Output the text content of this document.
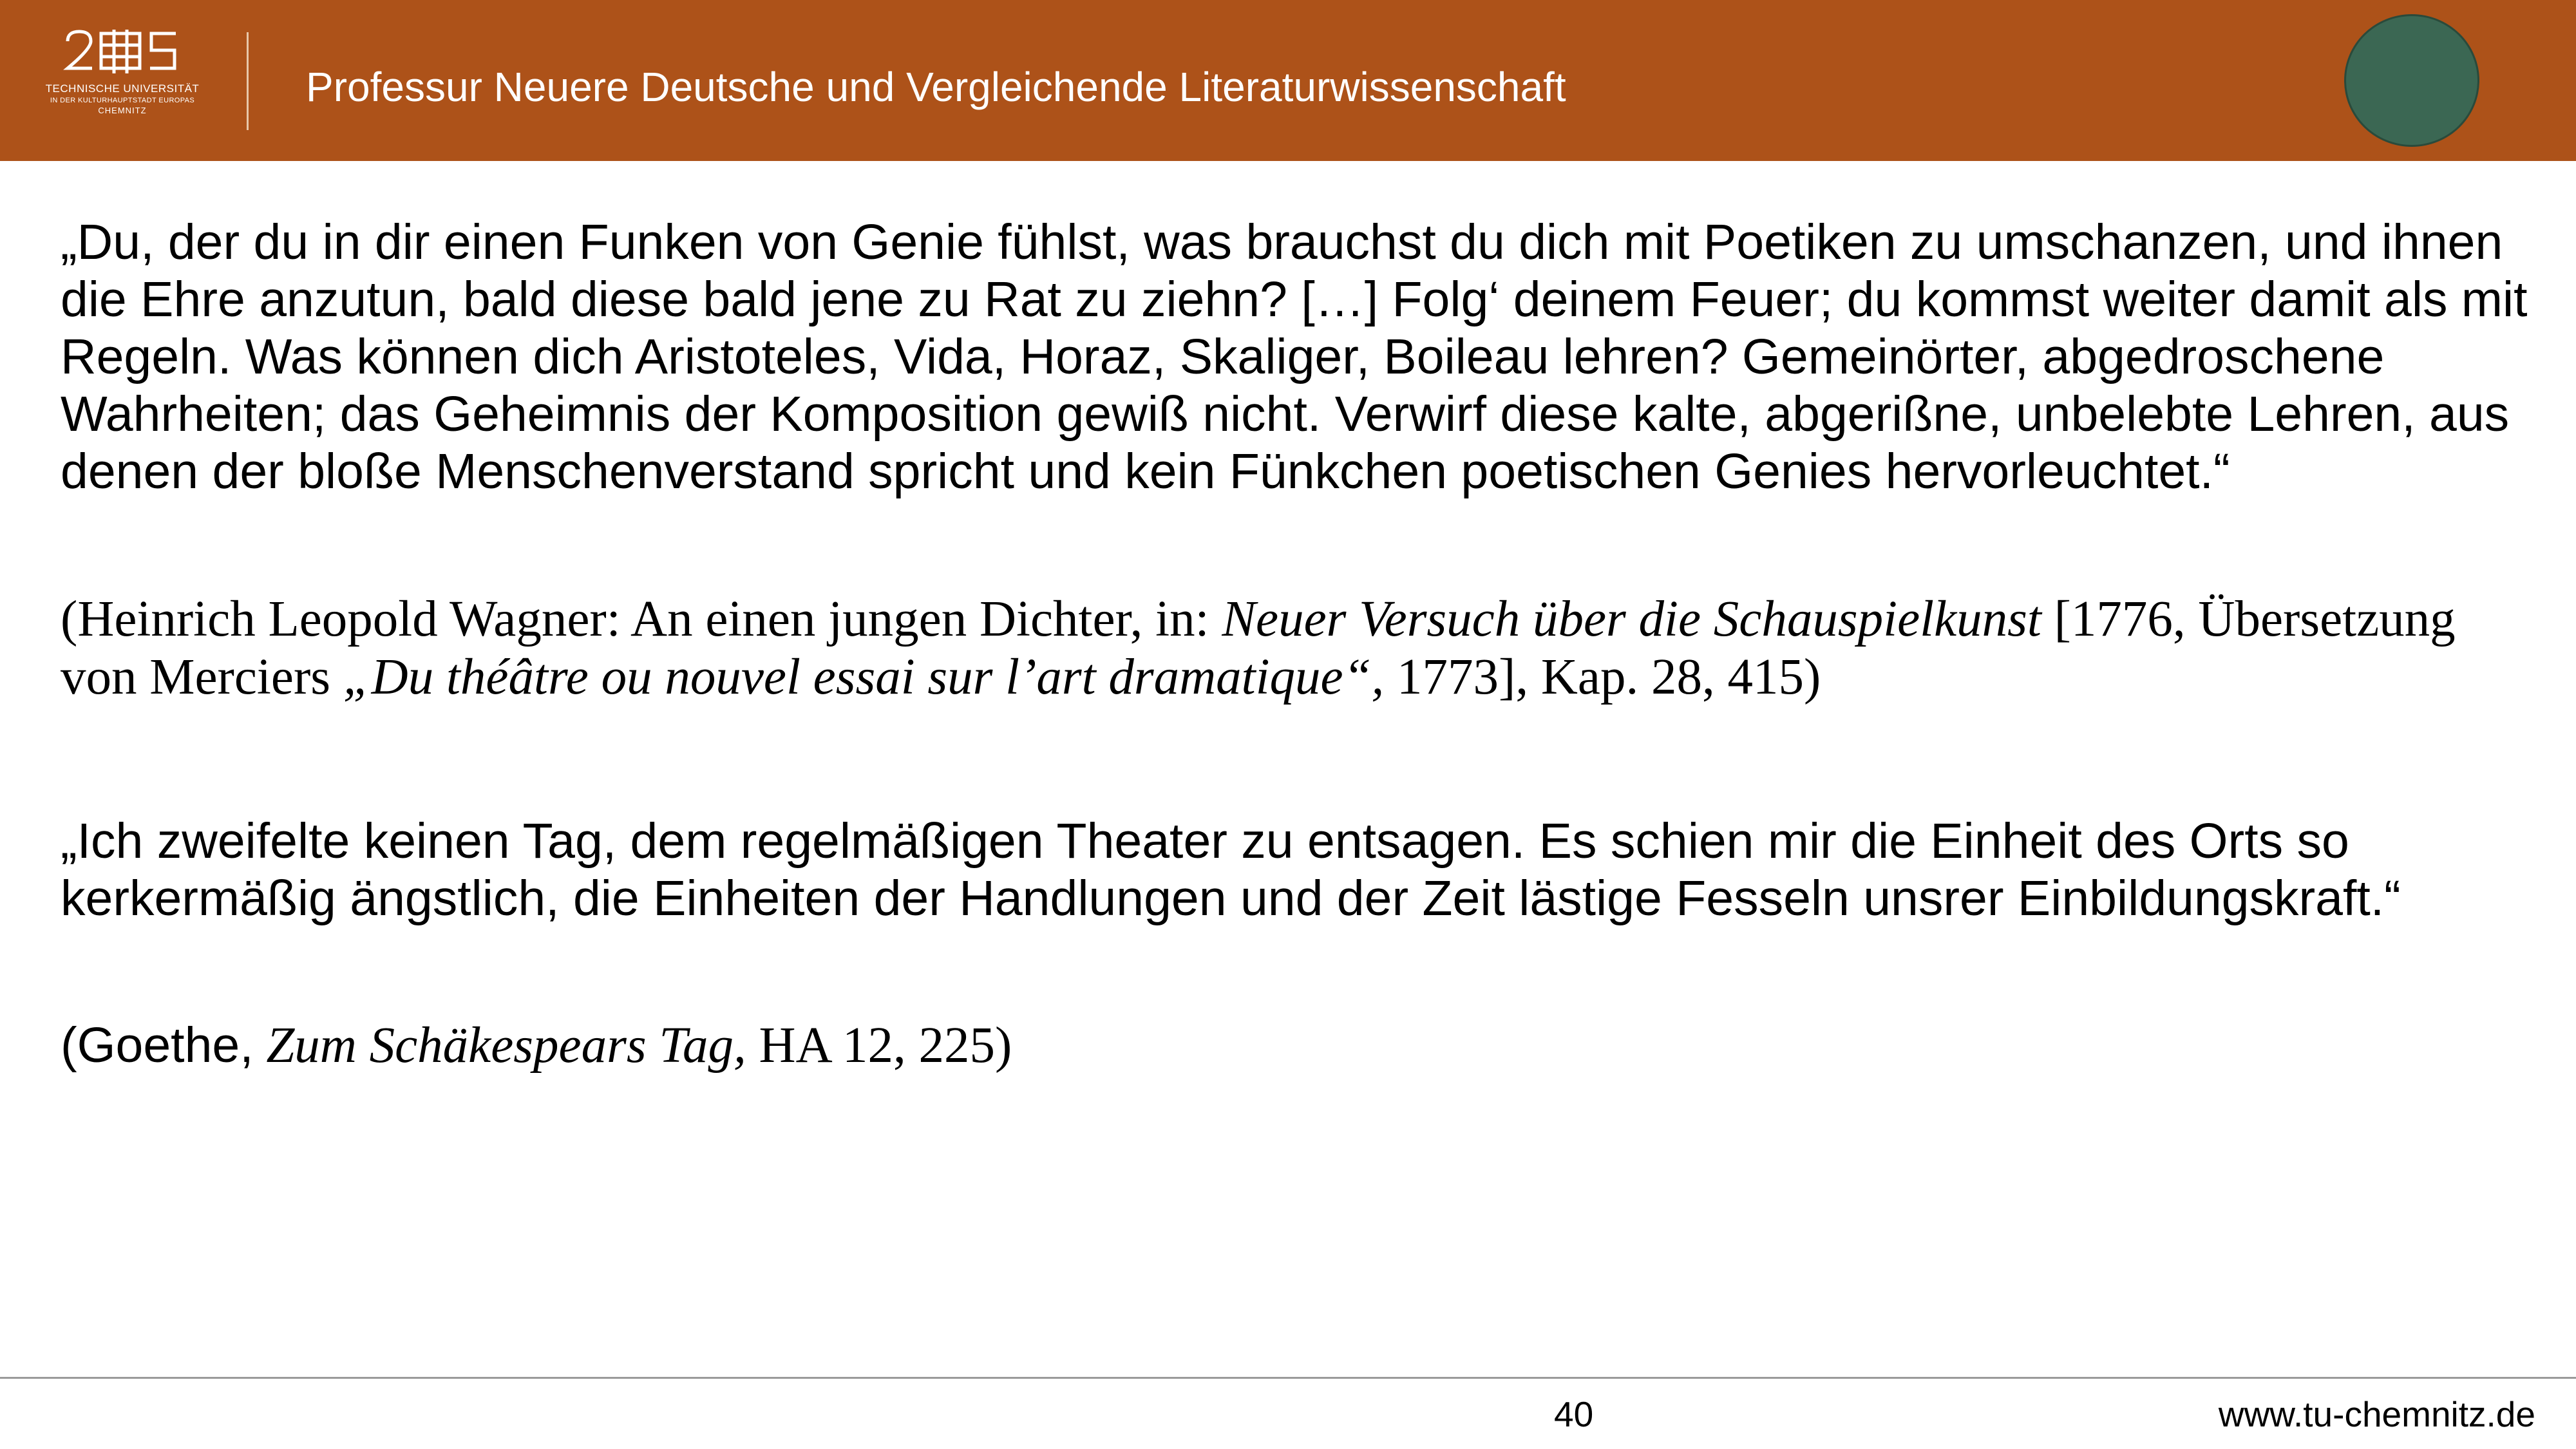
TECHNISCHE UNIVERSITÄT
IN DER KULTURHAUPTSTADT EUROPAS
CHEMNITZ
Professur Neuere Deutsche und Vergleichende Literaturwissenschaft

„Du, der du in dir einen Funken von Genie fühlst, was brauchst du dich mit Poetiken zu umschanzen, und ihnen die Ehre anzutun, bald diese bald jene zu Rat zu ziehn? […] Folg‘ deinem Feuer; du kommst weiter damit als mit Regeln. Was können dich Aristoteles, Vida, Horaz, Skaliger, Boileau lehren? Gemeinörter, abgedroschene Wahrheiten; das Geheimnis der Komposition gewiß nicht. Verwirf diese kalte, abgerißne, unbelebte Lehren, aus denen der bloße Menschenverstand spricht und kein Fünkchen poetischen Genies hervorleuchtet.“

(Heinrich Leopold Wagner: An einen jungen Dichter, in: Neuer Versuch über die Schauspielkunst [1776, Übersetzung von Merciers „Du théâtre ou nouvel essai sur l’art dramatique“, 1773], Kap. 28, 415)

„Ich zweifelte keinen Tag, dem regelmäßigen Theater zu entsagen. Es schien mir die Einheit des Orts so kerkermäßig ängstlich, die Einheiten der Handlungen und der Zeit lästige Fesseln unsrer Einbildungskraft.“

(Goethe, Zum Schäkespears Tag, HA 12, 225)

40	www.tu-chemnitz.de
